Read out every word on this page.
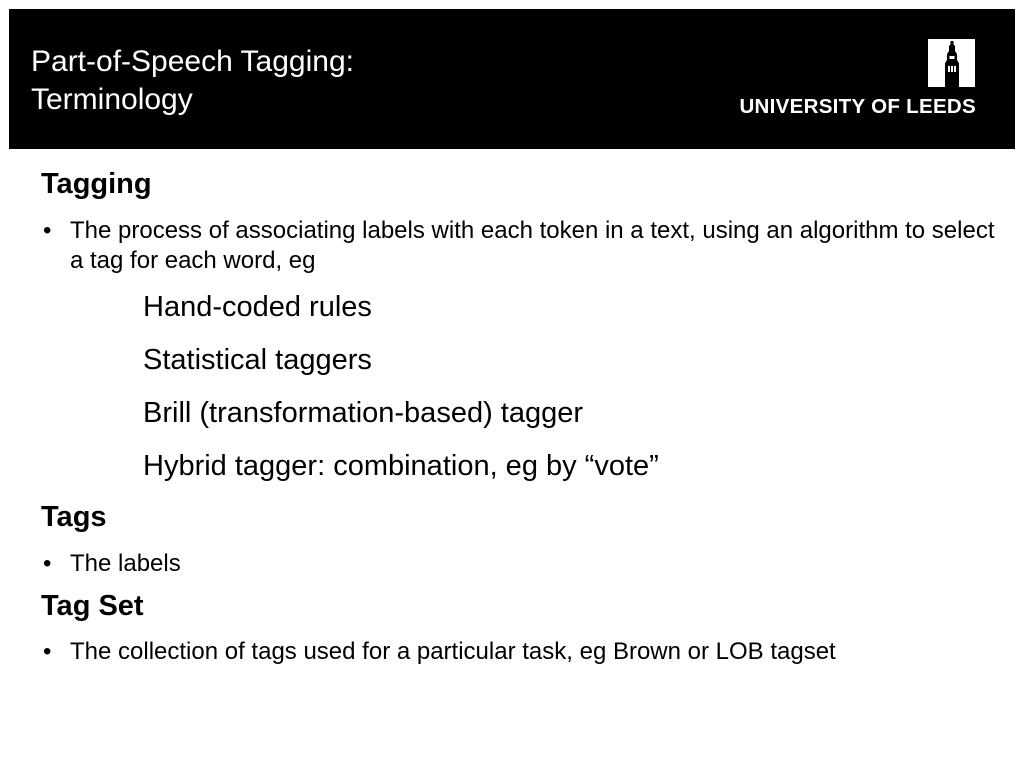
Part-of-Speech Tagging:
Terminology	UNIVERSITY OF LEEDS
Tagging
• The process of associating labels with each token in a text, using an algorithm to select a tag for each word, eg
Hand-coded rules
Statistical taggers
Brill (transformation-based) tagger
Hybrid tagger: combination, eg by “vote”
Tags
• The labels
Tag Set
• The collection of tags used for a particular task, eg Brown or LOB tagset
